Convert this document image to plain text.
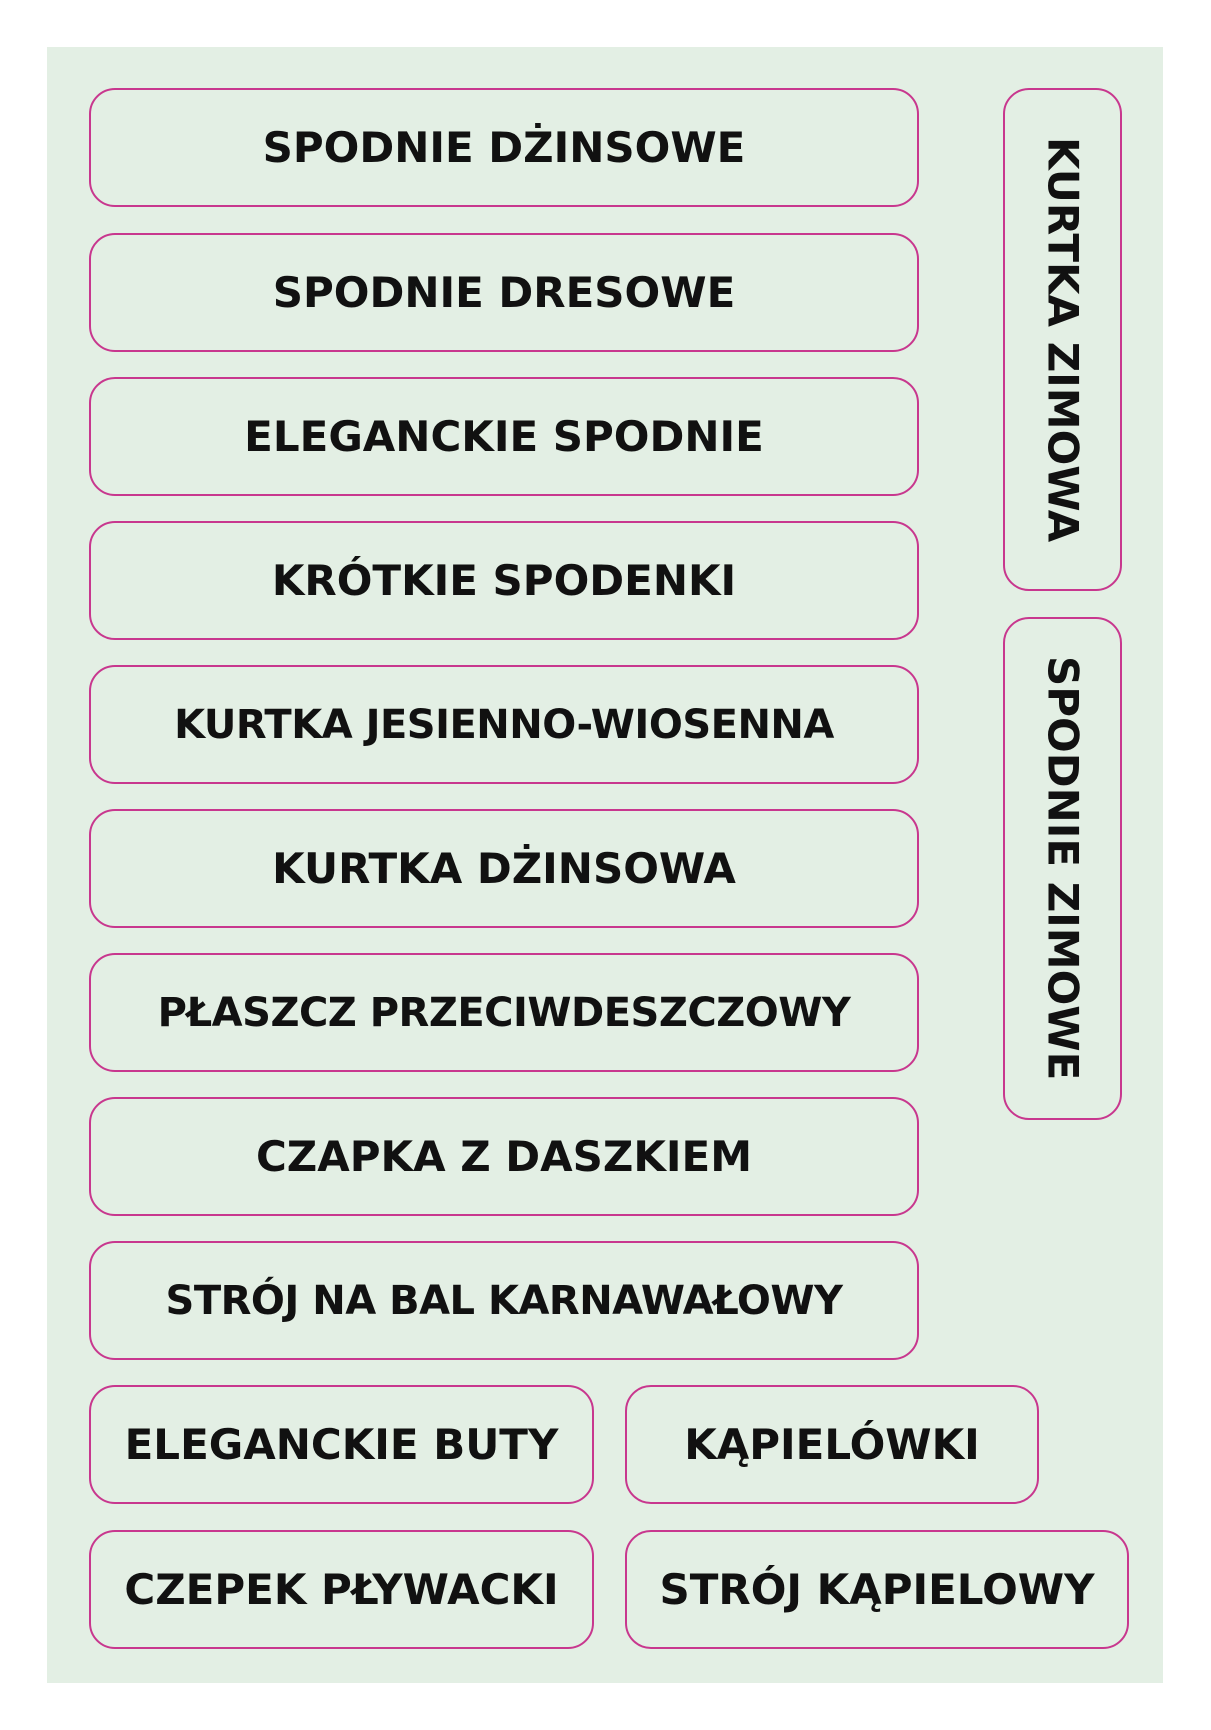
SPODNIE DŻINSOWE
SPODNIE DRESOWE
ELEGANCKIE SPODNIE
KRÓTKIE SPODENKI
KURTKA JESIENNO-WIOSENNA
KURTKA DŻINSOWA
PŁASZCZ PRZECIWDESZCZOWY
CZAPKA Z DASZKIEM
STRÓJ NA BAL KARNAWAŁOWY
ELEGANCKIE BUTY	KĄPIELÓWKI
CZEPEK PŁYWACKI	STRÓJ KĄPIELOWY
KURTKA ZIMOWA
SPODNIE ZIMOWE
